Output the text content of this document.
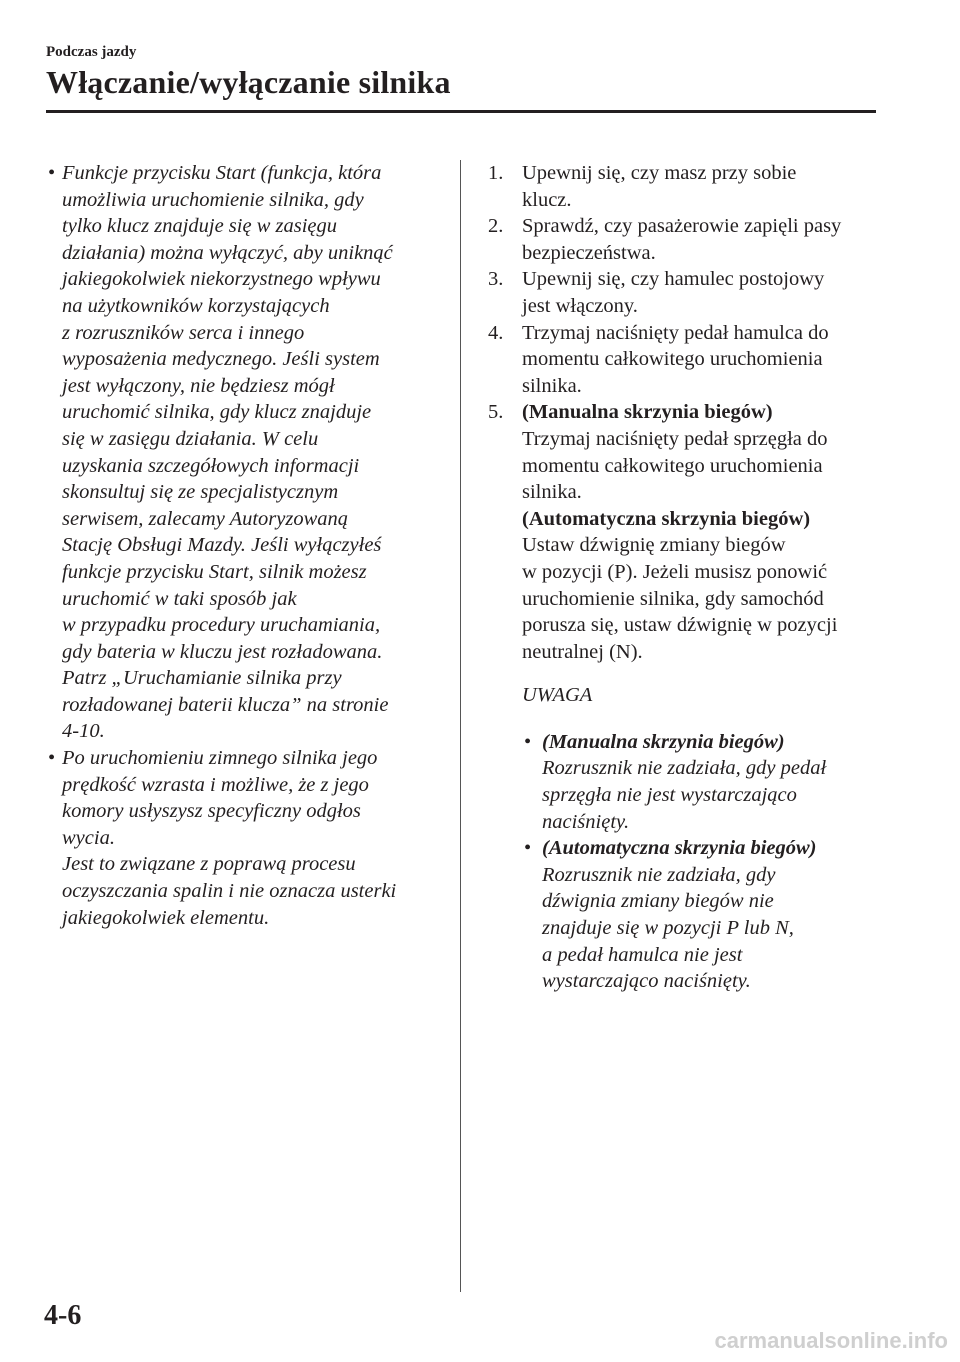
Podczas jazdy
Włączanie/wyłączanie silnika
• Funkcje przycisku Start (funkcja, która

umożliwia uruchomienie silnika, gdy

tylko klucz znajduje się w zasięgu

działania) można wyłączyć, aby uniknąć

jakiegokolwiek niekorzystnego wpływu

na użytkowników korzystających

z rozruszników serca i innego

wyposażenia medycznego. Jeśli system

jest wyłączony, nie będziesz mógł

uruchomić silnika, gdy klucz znajduje

się w zasięgu działania. W celu

uzyskania szczegółowych informacji

skonsultuj się ze specjalistycznym

serwisem, zalecamy Autoryzowaną

Stację Obsługi Mazdy. Jeśli wyłączyłeś

funkcje przycisku Start, silnik możesz

uruchomić w taki sposób jak

w przypadku procedury uruchamiania,

gdy bateria w kluczu jest rozładowana.

Patrz „Uruchamianie silnika przy

rozładowanej baterii klucza” na stronie

4-10.

• Po uruchomieniu zimnego silnika jego

prędkość wzrasta i możliwe, że z jego

komory usłyszysz specyficzny odgłos

wycia.

Jest to związane z poprawą procesu

oczyszczania spalin i nie oznacza usterki

jakiegokolwiek elementu.

1. Upewnij się, czy masz przy sobie

klucz.

2. Sprawdź, czy pasażerowie zapięli pasy

bezpieczeństwa.

3. Upewnij się, czy hamulec postojowy

jest włączony.

4. Trzymaj naciśnięty pedał hamulca do

momentu całkowitego uruchomienia

silnika.

5. (Manualna skrzynia biegów)

Trzymaj naciśnięty pedał sprzęgła do

momentu całkowitego uruchomienia

silnika.

(Automatyczna skrzynia biegów)

Ustaw dźwignię zmiany biegów

w pozycji (P). Jeżeli musisz ponowić

uruchomienie silnika, gdy samochód

porusza się, ustaw dźwignię w pozycji

neutralnej (N).

UWAGA
• (Manualna skrzynia biegów)

Rozrusznik nie zadziała, gdy pedał

sprzęgła nie jest wystarczająco

naciśnięty.

• (Automatyczna skrzynia biegów)

Rozrusznik nie zadziała, gdy

dźwignia zmiany biegów nie

znajduje się w pozycji P lub N,

a pedał hamulca nie jest

wystarczająco naciśnięty.

4-6
carmanualsonline.info
